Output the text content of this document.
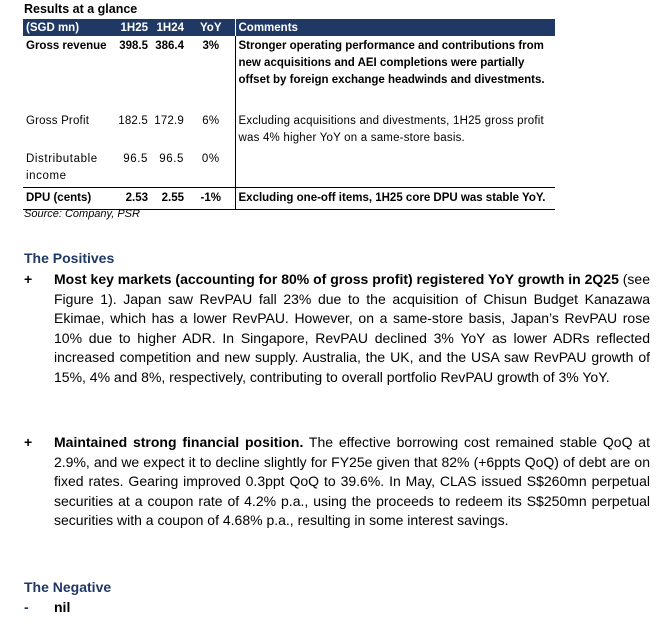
Results at a glance
(SGD mn)	1H25	1H24	YoY	Comments
Gross revenue	398.5	386.4	3%	Stronger operating performance and contributions from new acquisitions and AEI completions were partially offset by foreign exchange headwinds and divestments.
Gross Profit	182.5	172.9	6%	Excluding acquisitions and divestments, 1H25 gross profit was 4% higher YoY on a same-store basis.
Distributable income	96.5	96.5	0%	
DPU (cents)	2.53	2.55	-1%	Excluding one-off items, 1H25 core DPU was stable YoY.
Source: Company, PSR
The Positives
+	Most key markets (accounting for 80% of gross profit) registered YoY growth in 2Q25 (see Figure 1). Japan saw RevPAU fall 23% due to the acquisition of Chisun Budget Kanazawa Ekimae, which has a lower RevPAU. However, on a same-store basis, Japan’s RevPAU rose 10% due to higher ADR. In Singapore, RevPAU declined 3% YoY as lower ADRs reflected increased competition and new supply. Australia, the UK, and the USA saw RevPAU growth of 15%, 4% and 8%, respectively, contributing to overall portfolio RevPAU growth of 3% YoY.
+	Maintained strong financial position. The effective borrowing cost remained stable QoQ at 2.9%, and we expect it to decline slightly for FY25e given that 82% (+6ppts QoQ) of debt are on fixed rates. Gearing improved 0.3ppt QoQ to 39.6%. In May, CLAS issued S$260mn perpetual securities at a coupon rate of 4.2% p.a., using the proceeds to redeem its S$250mn perpetual securities with a coupon of 4.68% p.a., resulting in some interest savings.
The Negative
-	nil
